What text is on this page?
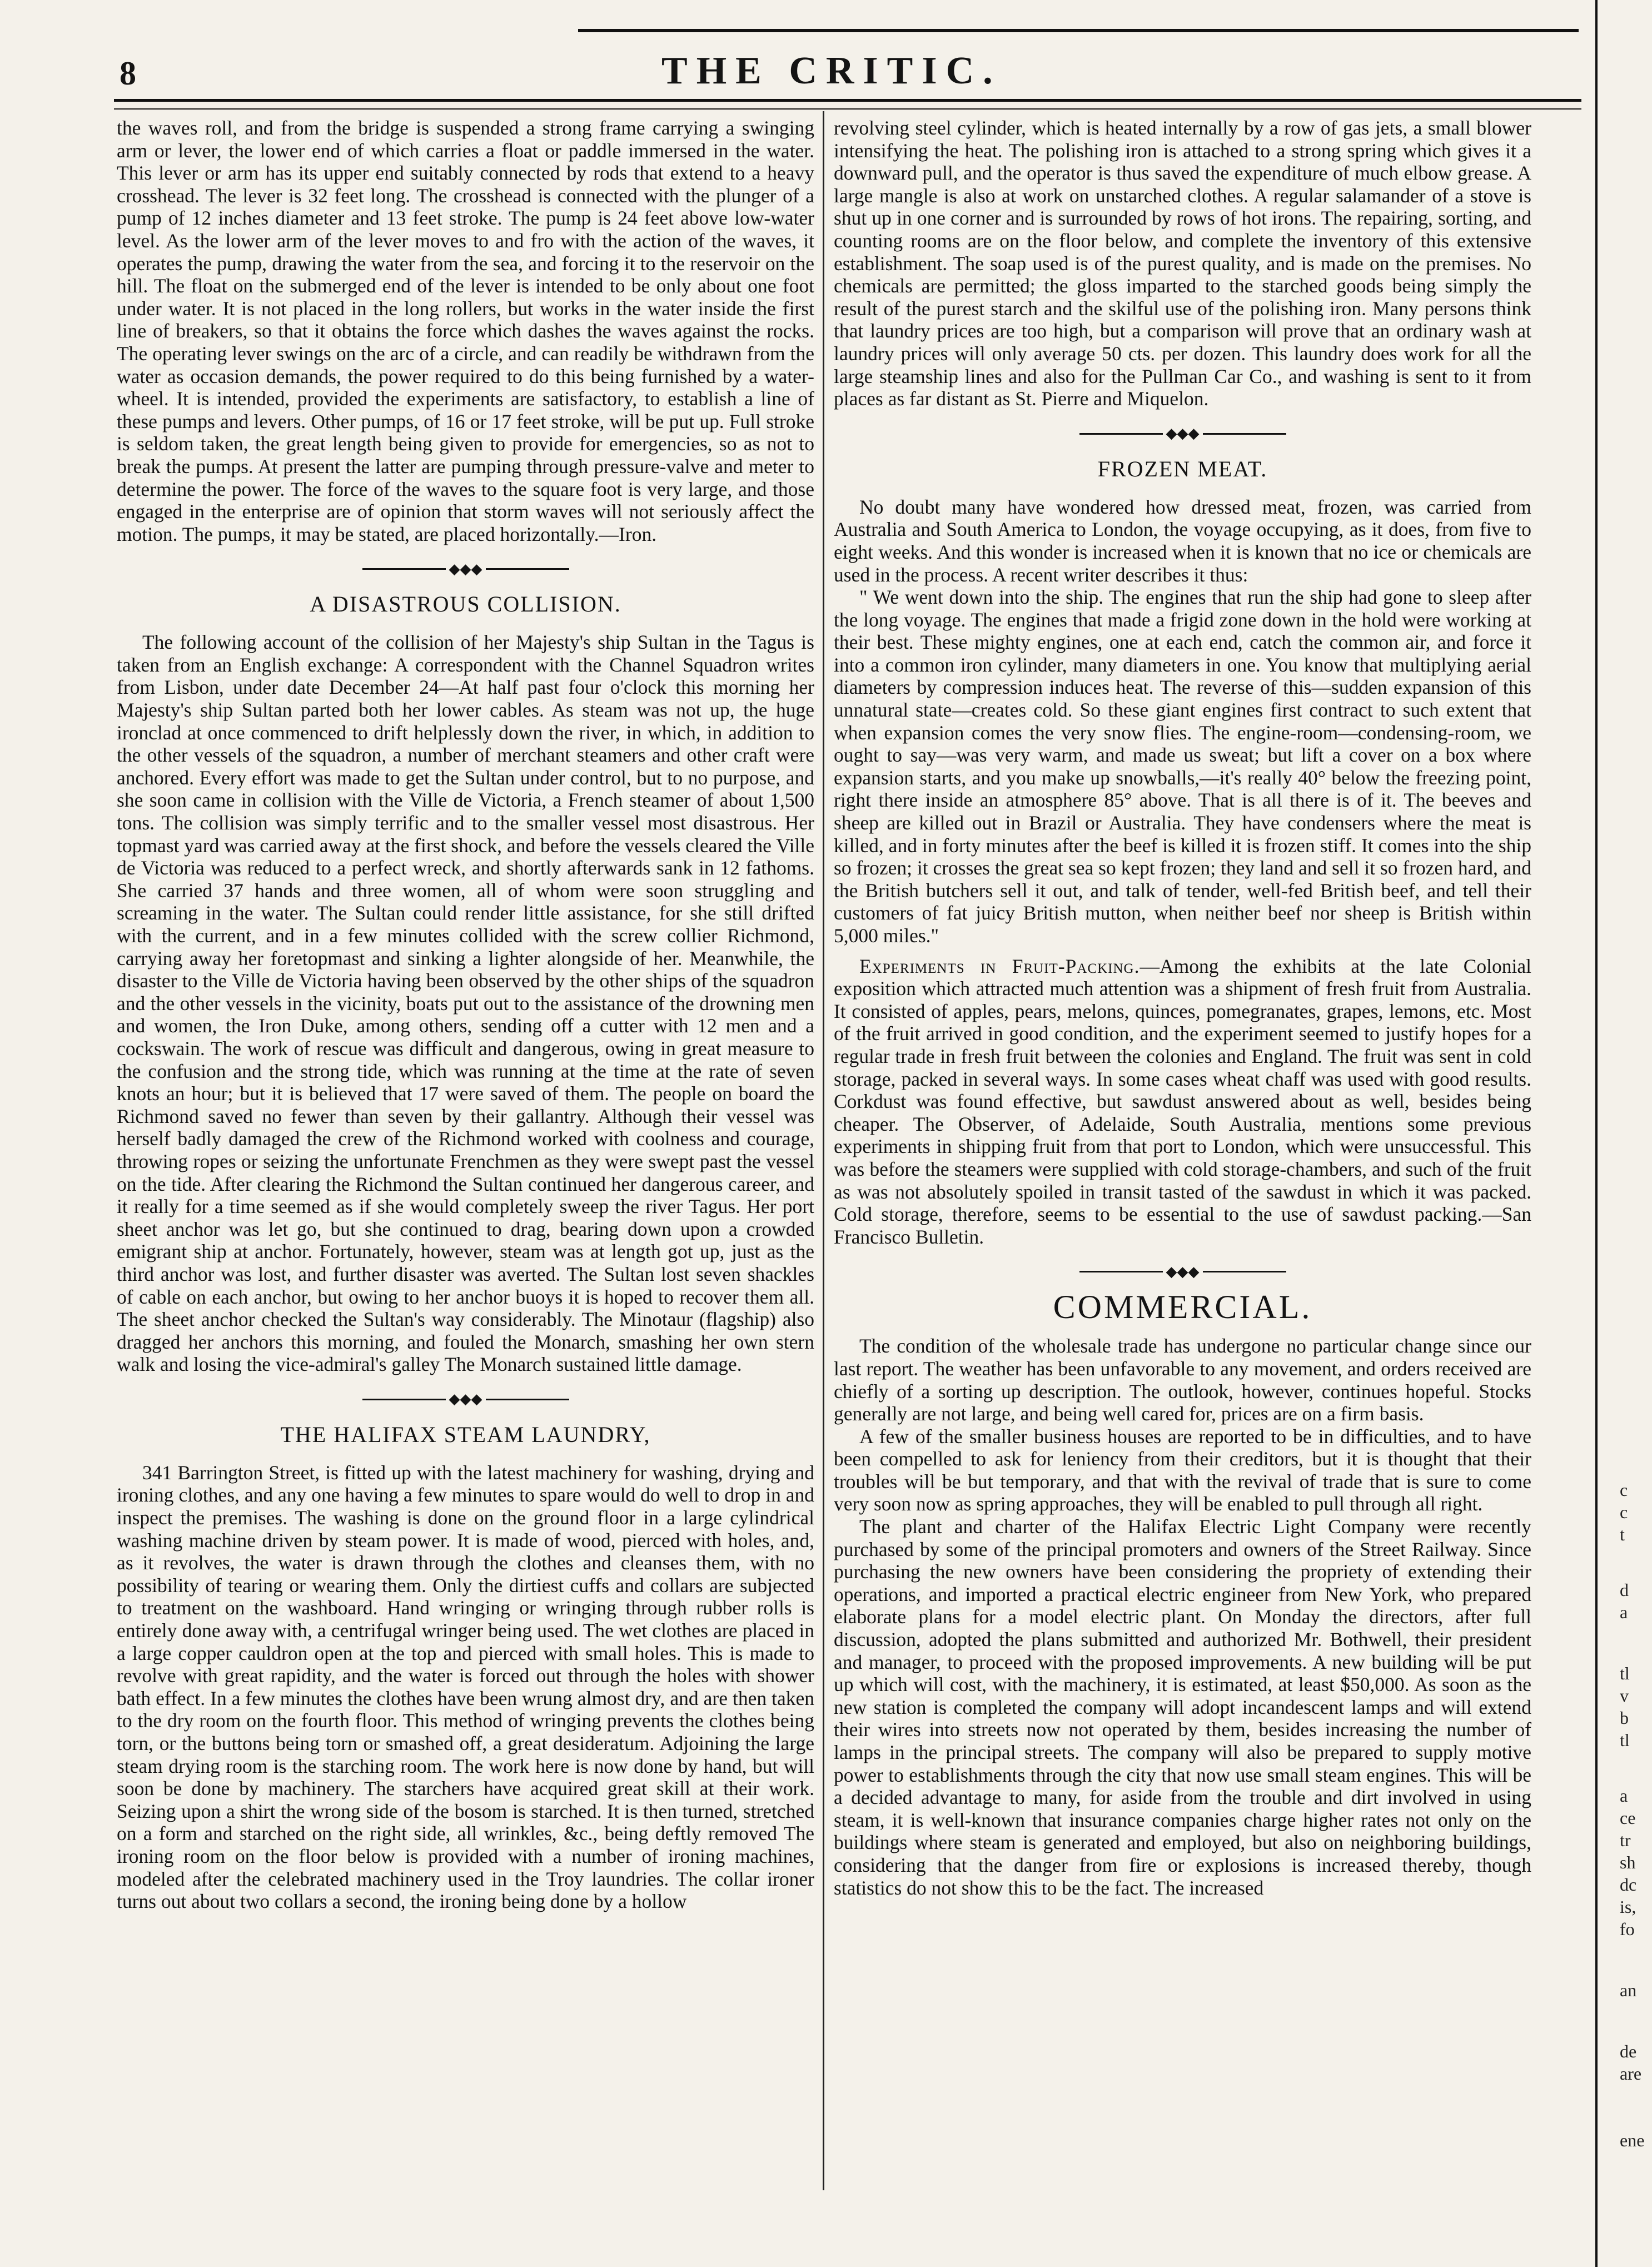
8	THE CRITIC.

the waves roll, and from the bridge is suspended a strong frame carrying a swinging arm or lever, the lower end of which carries a float or paddle immersed in the water. This lever or arm has its upper end suitably connected by rods that extend to a heavy crosshead. The lever is 32 feet long. The crosshead is connected with the plunger of a pump of 12 inches diameter and 13 feet stroke. The pump is 24 feet above low-water level. As the lower arm of the lever moves to and fro with the action of the waves, it operates the pump, drawing the water from the sea, and forcing it to the reservoir on the hill. The float on the submerged end of the lever is intended to be only about one foot under water. It is not placed in the long rollers, but works in the water inside the first line of breakers, so that it obtains the force which dashes the waves against the rocks. The operating lever swings on the arc of a circle, and can readily be withdrawn from the water as occasion demands, the power required to do this being furnished by a water-wheel. It is intended, provided the experiments are satisfactory, to establish a line of these pumps and levers. Other pumps, of 16 or 17 feet stroke, will be put up. Full stroke is seldom taken, the great length being given to provide for emergencies, so as not to break the pumps. At present the latter are pumping through pressure-valve and meter to determine the power. The force of the waves to the square foot is very large, and those engaged in the enterprise are of opinion that storm waves will not seriously affect the motion. The pumps, it may be stated, are placed horizontally.—Iron.

◆◆◆
A DISASTROUS COLLISION.

The following account of the collision of her Majesty's ship Sultan in the Tagus is taken from an English exchange: A correspondent with the Channel Squadron writes from Lisbon, under date December 24—At half past four o'clock this morning her Majesty's ship Sultan parted both her lower cables. As steam was not up, the huge ironclad at once commenced to drift helplessly down the river, in which, in addition to the other vessels of the squadron, a number of merchant steamers and other craft were anchored. Every effort was made to get the Sultan under control, but to no purpose, and she soon came in collision with the Ville de Victoria, a French steamer of about 1,500 tons. The collision was simply terrific and to the smaller vessel most disastrous. Her topmast yard was carried away at the first shock, and before the vessels cleared the Ville de Victoria was reduced to a perfect wreck, and shortly afterwards sank in 12 fathoms. She carried 37 hands and three women, all of whom were soon struggling and screaming in the water. The Sultan could render little assistance, for she still drifted with the current, and in a few minutes collided with the screw collier Richmond, carrying away her foretopmast and sinking a lighter alongside of her. Meanwhile, the disaster to the Ville de Victoria having been observed by the other ships of the squadron and the other vessels in the vicinity, boats put out to the assistance of the drowning men and women, the Iron Duke, among others, sending off a cutter with 12 men and a cockswain. The work of rescue was difficult and dangerous, owing in great measure to the confusion and the strong tide, which was running at the time at the rate of seven knots an hour; but it is believed that 17 were saved of them. The people on board the Richmond saved no fewer than seven by their gallantry. Although their vessel was herself badly damaged the crew of the Richmond worked with coolness and courage, throwing ropes or seizing the unfortunate Frenchmen as they were swept past the vessel on the tide. After clearing the Richmond the Sultan continued her dangerous career, and it really for a time seemed as if she would completely sweep the river Tagus. Her port sheet anchor was let go, but she continued to drag, bearing down upon a crowded emigrant ship at anchor. Fortunately, however, steam was at length got up, just as the third anchor was lost, and further disaster was averted. The Sultan lost seven shackles of cable on each anchor, but owing to her anchor buoys it is hoped to recover them all. The sheet anchor checked the Sultan's way considerably. The Minotaur (flagship) also dragged her anchors this morning, and fouled the Monarch, smashing her own stern walk and losing the vice-admiral's galley The Monarch sustained little damage.

◆◆◆
THE HALIFAX STEAM LAUNDRY,

341 Barrington Street, is fitted up with the latest machinery for washing, drying and ironing clothes, and any one having a few minutes to spare would do well to drop in and inspect the premises. The washing is done on the ground floor in a large cylindrical washing machine driven by steam power. It is made of wood, pierced with holes, and, as it revolves, the water is drawn through the clothes and cleanses them, with no possibility of tearing or wearing them. Only the dirtiest cuffs and collars are subjected to treatment on the washboard. Hand wringing or wringing through rubber rolls is entirely done away with, a centrifugal wringer being used. The wet clothes are placed in a large copper cauldron open at the top and pierced with small holes. This is made to revolve with great rapidity, and the water is forced out through the holes with shower bath effect. In a few minutes the clothes have been wrung almost dry, and are then taken to the dry room on the fourth floor. This method of wringing prevents the clothes being torn, or the buttons being torn or smashed off, a great desideratum. Adjoining the large steam drying room is the starching room. The work here is now done by hand, but will soon be done by machinery. The starchers have acquired great skill at their work. Seizing upon a shirt the wrong side of the bosom is starched. It is then turned, stretched on a form and starched on the right side, all wrinkles, &c., being deftly removed The ironing room on the floor below is provided with a number of ironing machines, modeled after the celebrated machinery used in the Troy laundries. The collar ironer turns out about two collars a second, the ironing being done by a hollow

revolving steel cylinder, which is heated internally by a row of gas jets, a small blower intensifying the heat. The polishing iron is attached to a strong spring which gives it a downward pull, and the operator is thus saved the expenditure of much elbow grease. A large mangle is also at work on unstarched clothes. A regular salamander of a stove is shut up in one corner and is surrounded by rows of hot irons. The repairing, sorting, and counting rooms are on the floor below, and complete the inventory of this extensive establishment. The soap used is of the purest quality, and is made on the premises. No chemicals are permitted; the gloss imparted to the starched goods being simply the result of the purest starch and the skilful use of the polishing iron. Many persons think that laundry prices are too high, but a comparison will prove that an ordinary wash at laundry prices will only average 50 cts. per dozen. This laundry does work for all the large steamship lines and also for the Pullman Car Co., and washing is sent to it from places as far distant as St. Pierre and Miquelon.

◆◆◆
FROZEN MEAT.

No doubt many have wondered how dressed meat, frozen, was carried from Australia and South America to London, the voyage occupying, as it does, from five to eight weeks. And this wonder is increased when it is known that no ice or chemicals are used in the process. A recent writer describes it thus:

" We went down into the ship. The engines that run the ship had gone to sleep after the long voyage. The engines that made a frigid zone down in the hold were working at their best. These mighty engines, one at each end, catch the common air, and force it into a common iron cylinder, many diameters in one. You know that multiplying aerial diameters by compression induces heat. The reverse of this—sudden expansion of this unnatural state—creates cold. So these giant engines first contract to such extent that when expansion comes the very snow flies. The engine-room—condensing-room, we ought to say—was very warm, and made us sweat; but lift a cover on a box where expansion starts, and you make up snowballs,—it's really 40° below the freezing point, right there inside an atmosphere 85° above. That is all there is of it. The beeves and sheep are killed out in Brazil or Australia. They have condensers where the meat is killed, and in forty minutes after the beef is killed it is frozen stiff. It comes into the ship so frozen; it crosses the great sea so kept frozen; they land and sell it so frozen hard, and the British butchers sell it out, and talk of tender, well-fed British beef, and tell their customers of fat juicy British mutton, when neither beef nor sheep is British within 5,000 miles."

Experiments in Fruit-Packing.—Among the exhibits at the late Colonial exposition which attracted much attention was a shipment of fresh fruit from Australia. It consisted of apples, pears, melons, quinces, pomegranates, grapes, lemons, etc. Most of the fruit arrived in good condition, and the experiment seemed to justify hopes for a regular trade in fresh fruit between the colonies and England. The fruit was sent in cold storage, packed in several ways. In some cases wheat chaff was used with good results. Corkdust was found effective, but sawdust answered about as well, besides being cheaper. The Observer, of Adelaide, South Australia, mentions some previous experiments in shipping fruit from that port to London, which were unsuccessful. This was before the steamers were supplied with cold storage-chambers, and such of the fruit as was not absolutely spoiled in transit tasted of the sawdust in which it was packed. Cold storage, therefore, seems to be essential to the use of sawdust packing.—San Francisco Bulletin.

◆◆◆
COMMERCIAL.

The condition of the wholesale trade has undergone no particular change since our last report. The weather has been unfavorable to any movement, and orders received are chiefly of a sorting up description. The outlook, however, continues hopeful. Stocks generally are not large, and being well cared for, prices are on a firm basis.

A few of the smaller business houses are reported to be in difficulties, and to have been compelled to ask for leniency from their creditors, but it is thought that their troubles will be but temporary, and that with the revival of trade that is sure to come very soon now as spring approaches, they will be enabled to pull through all right.

The plant and charter of the Halifax Electric Light Company were recently purchased by some of the principal promoters and owners of the Street Railway. Since purchasing the new owners have been considering the propriety of extending their operations, and imported a practical electric engineer from New York, who prepared elaborate plans for a model electric plant. On Monday the directors, after full discussion, adopted the plans submitted and authorized Mr. Bothwell, their president and manager, to proceed with the proposed improvements. A new building will be put up which will cost, with the machinery, it is estimated, at least $50,000. As soon as the new station is completed the company will adopt incandescent lamps and will extend their wires into streets now not operated by them, besides increasing the number of lamps in the principal streets. The company will also be prepared to supply motive power to establishments through the city that now use small steam engines. This will be a decided advantage to many, for aside from the trouble and dirt involved in using steam, it is well-known that insurance companies charge higher rates not only on the buildings where steam is generated and employed, but also on neighboring buildings, considering that the danger from fire or explosions is increased thereby, though statistics do not show this to be the fact. The increased

c
c
t
d
a
tl
v
b
tl
a
ce
tr
sh
dc
is,
fo
an
de
are
ene
